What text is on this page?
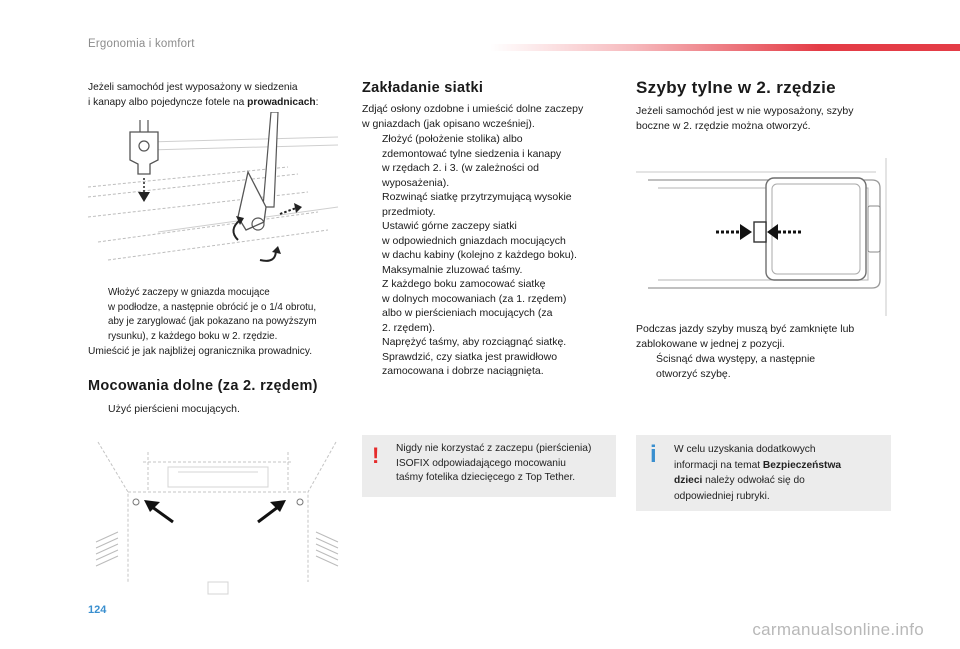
Ergonomia i komfort

Jeżeli samochód jest wyposażony w siedzenia
i kanapy albo pojedyncze fotele na prowadnicach:

Włożyć zaczepy w gniazda mocujące
w podłodze, a następnie obrócić je o 1/4 obrotu,
aby je zaryglować (jak pokazano na powyższym
rysunku), z każdego boku w 2. rzędzie.

Umieścić je jak najbliżej ogranicznika prowadnicy.

Mocowania dolne (za 2. rzędem)
Użyć pierścieni mocujących.
Zakładanie siatki

Zdjąć osłony ozdobne i umieścić dolne zaczepy
w gniazdach (jak opisano wcześniej).

Złożyć (położenie stolika) albo
zdemontować tylne siedzenia i kanapy
w rzędach 2. i 3. (w zależności od
wyposażenia).
Rozwinąć siatkę przytrzymującą wysokie
przedmioty.
Ustawić górne zaczepy siatki
w odpowiednich gniazdach mocujących
w dachu kabiny (kolejno z każdego boku).
Maksymalnie zluzować taśmy.
Z każdego boku zamocować siatkę
w dolnych mocowaniach (za 1. rzędem)
albo w pierścieniach mocujących (za
2. rzędem).
Naprężyć taśmy, aby rozciągnąć siatkę.
Sprawdzić, czy siatka jest prawidłowo
zamocowana i dobrze naciągnięta.
! Nigdy nie korzystać z zaczepu (pierścienia)
ISOFIX odpowiadającego mocowaniu
taśmy fotelika dziecięcego z Top Tether.
Szyby tylne w 2. rzędzie

Jeżeli samochód jest w nie wyposażony, szyby
boczne w 2. rzędzie można otworzyć.

Podczas jazdy szyby muszą być zamknięte lub
zablokowane w jednej z pozycji.

Ścisnąć dwa występy, a następnie
otworzyć szybę.
i W celu uzyskania dodatkowych
informacji na temat Bezpieczeństwa
dzieci należy odwołać się do
odpowiedniej rubryki.
124
carmanualsonline.info
